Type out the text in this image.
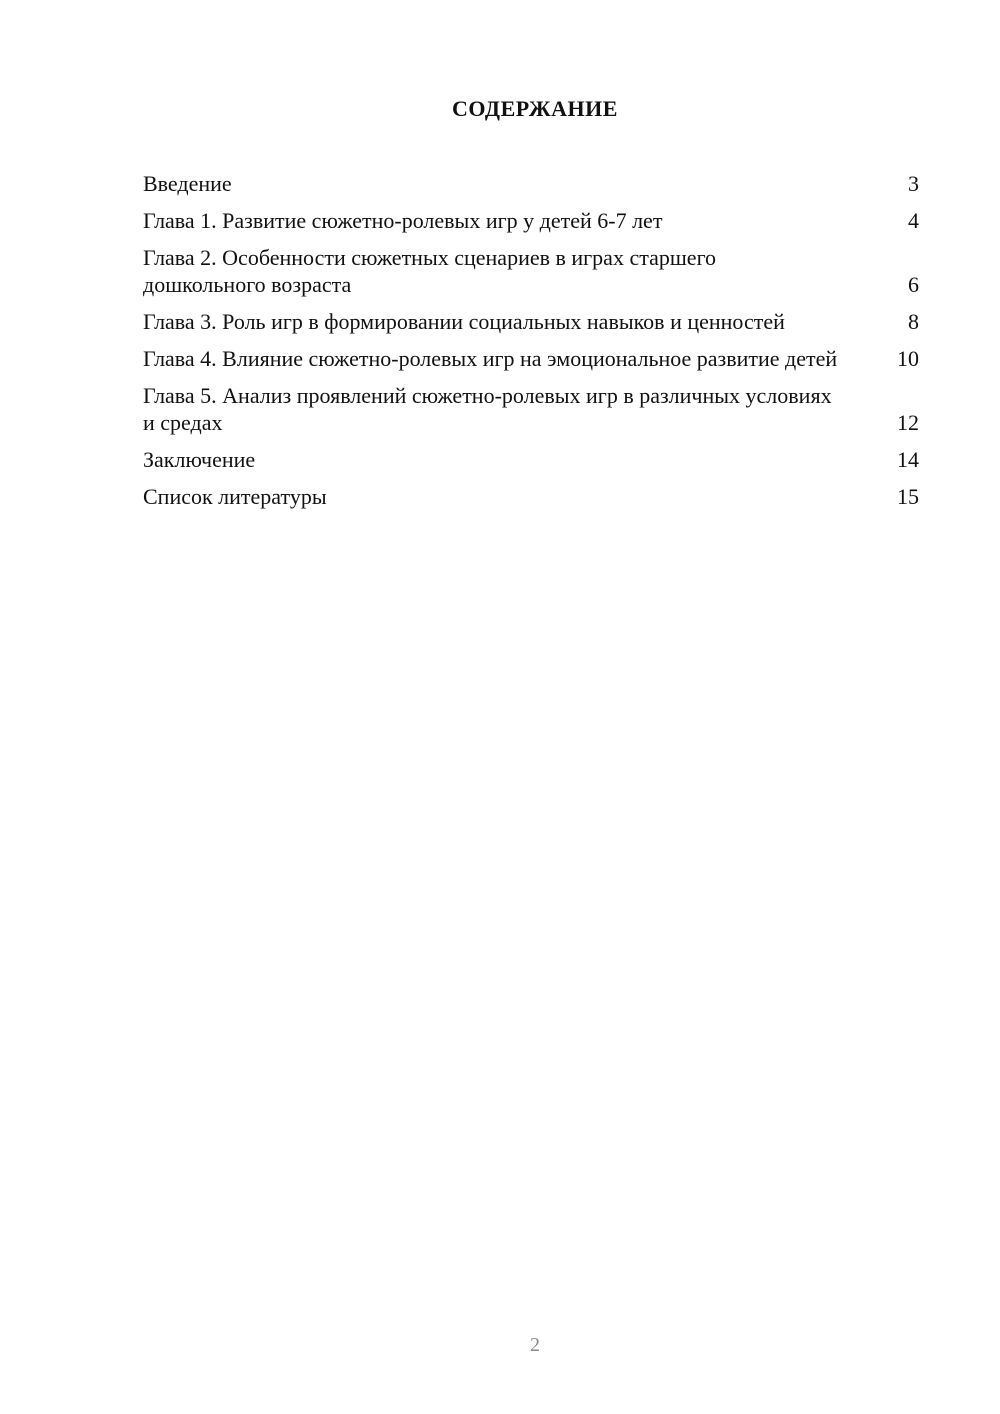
СОДЕРЖАНИЕ
Введение	3
Глава 1. Развитие сюжетно-ролевых игр у детей 6-7 лет	4
Глава 2. Особенности сюжетных сценариев в играх старшего дошкольного возраста	6
Глава 3. Роль игр в формировании социальных навыков и ценностей	8
Глава 4. Влияние сюжетно-ролевых игр на эмоциональное развитие детей	10
Глава 5. Анализ проявлений сюжетно-ролевых игр в различных условиях и средах	12
Заключение	14
Список литературы	15
2
